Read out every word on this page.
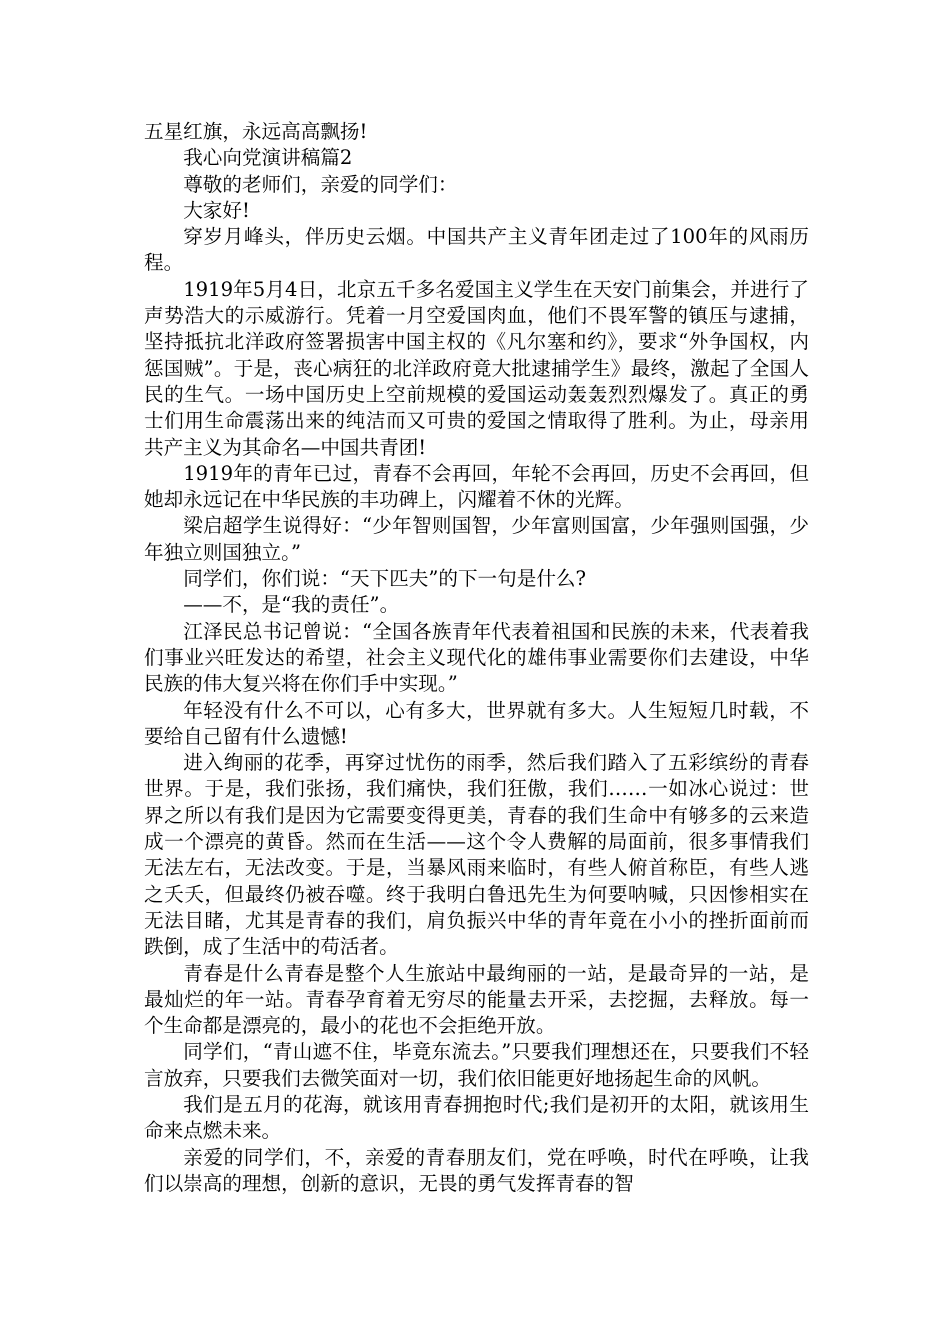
五星红旗，永远高高飘扬!

我心向党演讲稿篇2

尊敬的老师们，亲爱的同学们：

大家好!

穿岁月峰头，伴历史云烟。中国共产主义青年团走过了100年的风雨历程。

1919年5月4日，北京五千多名爱国主义学生在天安门前集会，并进行了声势浩大的示威游行。凭着一月空爱国肉血，他们不畏军警的镇压与逮捕，坚持抵抗北洋政府签署损害中国主权的《凡尔塞和约》，要求“外争国权，内惩国贼”。于是，丧心病狂的北洋政府竟大批逮捕学生》最终，激起了全国人民的生气。一场中国历史上空前规模的爱国运动轰轰烈烈爆发了。真正的勇士们用生命震荡出来的纯洁而又可贵的爱国之情取得了胜利。为止，母亲用共产主义为其命名—中国共青团!

1919年的青年已过，青春不会再回，年轮不会再回，历史不会再回，但她却永远记在中华民族的丰功碑上，闪耀着不休的光辉。

梁启超学生说得好：“少年智则国智，少年富则国富，少年强则国强，少年独立则国独立。”

同学们，你们说：“天下匹夫”的下一句是什么?

——不，是“我的责任”。

江泽民总书记曾说：“全国各族青年代表着祖国和民族的未来，代表着我们事业兴旺发达的希望，社会主义现代化的雄伟事业需要你们去建设，中华民族的伟大复兴将在你们手中实现。”

年轻没有什么不可以，心有多大，世界就有多大。人生短短几时载，不要给自己留有什么遗憾!

进入绚丽的花季，再穿过忧伤的雨季，然后我们踏入了五彩缤纷的青春世界。于是，我们张扬，我们痛快，我们狂傲，我们……一如冰心说过：世界之所以有我们是因为它需要变得更美，青春的我们生命中有够多的云来造成一个漂亮的黄昏。然而在生活——这个令人费解的局面前，很多事情我们无法左右，无法改变。于是，当暴风雨来临时，有些人俯首称臣，有些人逃之夭夭，但最终仍被吞噬。终于我明白鲁迅先生为何要呐喊，只因惨相实在无法目睹，尤其是青春的我们，肩负振兴中华的青年竟在小小的挫折面前而跌倒，成了生活中的苟活者。

青春是什么青春是整个人生旅站中最绚丽的一站，是最奇异的一站，是最灿烂的年一站。青春孕育着无穷尽的能量去开采，去挖掘，去释放。每一个生命都是漂亮的，最小的花也不会拒绝开放。

同学们，“青山遮不住，毕竟东流去。”只要我们理想还在，只要我们不轻言放弃，只要我们去微笑面对一切，我们依旧能更好地扬起生命的风帆。

我们是五月的花海，就该用青春拥抱时代;我们是初开的太阳，就该用生命来点燃未来。

亲爱的同学们，不，亲爱的青春朋友们，党在呼唤，时代在呼唤，让我们以崇高的理想，创新的意识，无畏的勇气发挥青春的智
